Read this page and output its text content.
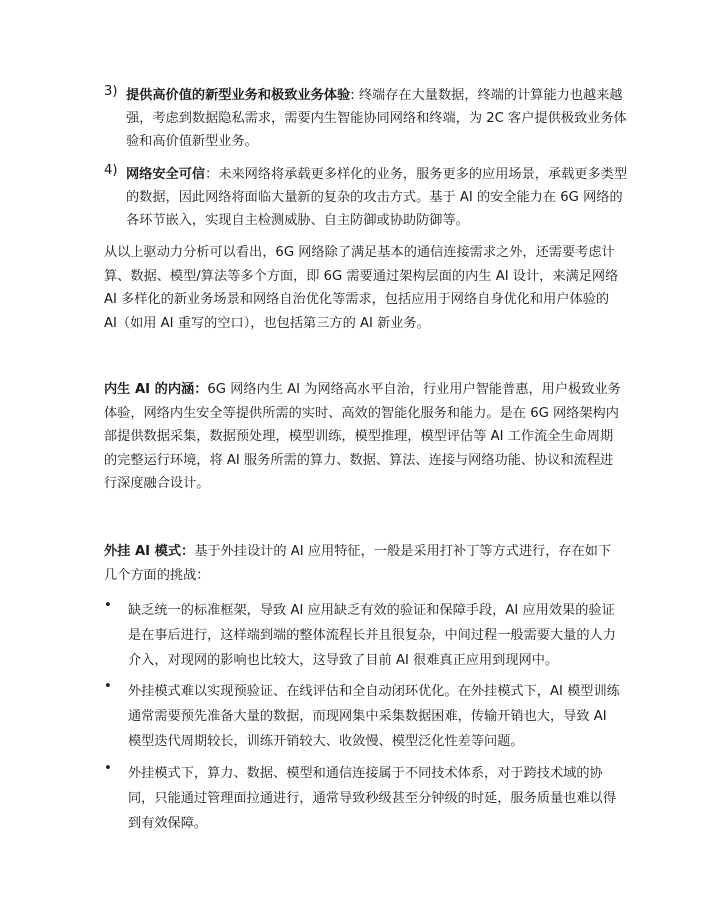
3) 提供高价值的新型业务和极致业务体验: 终端存在大量数据，终端的计算能力也越来越强，考虑到数据隐私需求，需要内生智能协同网络和终端，为 2C 客户提供极致业务体验和高价值新型业务。
4) 网络安全可信：未来网络将承载更多样化的业务，服务更多的应用场景，承载更多类型的数据，因此网络将面临大量新的复杂的攻击方式。基于 AI 的安全能力在 6G 网络的各环节嵌入，实现自主检测威胁、自主防御或协助防御等。
从以上驱动力分析可以看出，6G 网络除了满足基本的通信连接需求之外，还需要考虑计算、数据、模型/算法等多个方面，即 6G 需要通过架构层面的内生 AI 设计，来满足网络 AI 多样化的新业务场景和网络自治优化等需求，包括应用于网络自身优化和用户体验的 AI（如用 AI 重写的空口），也包括第三方的 AI 新业务。
内生 AI 的内涵：6G 网络内生 AI 为网络高水平自治，行业用户智能普惠，用户极致业务体验，网络内生安全等提供所需的实时、高效的智能化服务和能力。是在 6G 网络架构内部提供数据采集，数据预处理，模型训练，模型推理，模型评估等 AI 工作流全生命周期的完整运行环境，将 AI 服务所需的算力、数据、算法、连接与网络功能、协议和流程进行深度融合设计。
外挂 AI 模式：基于外挂设计的 AI 应用特征，一般是采用打补丁等方式进行，存在如下几个方面的挑战：
•	缺乏统一的标准框架，导致 AI 应用缺乏有效的验证和保障手段，AI 应用效果的验证是在事后进行，这样端到端的整体流程长并且很复杂，中间过程一般需要大量的人力介入，对现网的影响也比较大，这导致了目前 AI 很难真正应用到现网中。
•	外挂模式难以实现预验证、在线评估和全自动闭环优化。在外挂模式下，AI 模型训练通常需要预先准备大量的数据，而现网集中采集数据困难，传输开销也大，导致 AI 模型迭代周期较长，训练开销较大、收敛慢、模型泛化性差等问题。
•	外挂模式下，算力、数据、模型和通信连接属于不同技术体系，对于跨技术域的协同，只能通过管理面拉通进行，通常导致秒级甚至分钟级的时延，服务质量也难以得到有效保障。
